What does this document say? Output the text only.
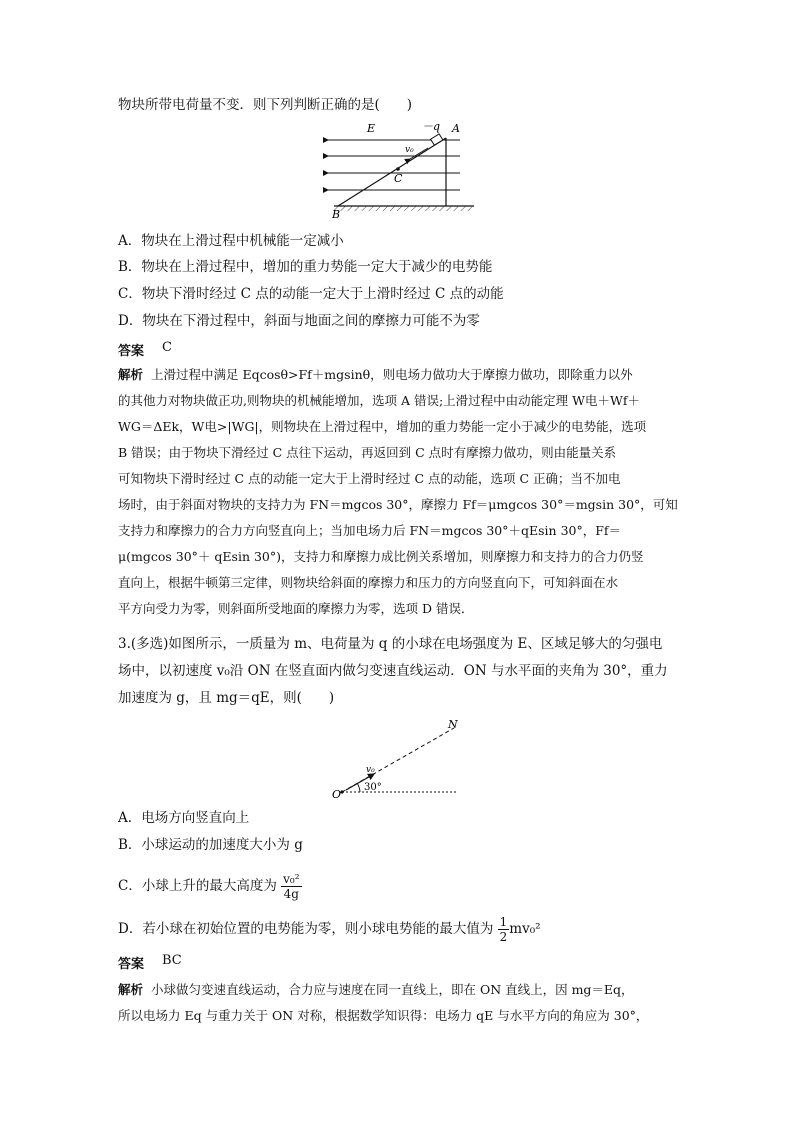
物块所带电荷量不变．则下列判断正确的是(　　)
E	－q A
v₀
C
B
A．物块在上滑过程中机械能一定减小
B．物块在上滑过程中，增加的重力势能一定大于减少的电势能
C．物块下滑时经过 C 点的动能一定大于上滑时经过 C 点的动能
D．物块在下滑过程中，斜面与地面之间的摩擦力可能不为零
答案 C
解析 上滑过程中满足 Eqcosθ>Ff＋mgsinθ，则电场力做功大于摩擦力做功，即除重力以外
的其他力对物块做正功,则物块的机械能增加，选项 A 错误;上滑过程中由动能定理 W电＋Wf＋
WG＝ΔEk，W电>|WG|，则物块在上滑过程中，增加的重力势能一定小于减少的电势能，选项
B 错误；由于物块下滑经过 C 点往下运动，再返回到 C 点时有摩擦力做功，则由能量关系
可知物块下滑时经过 C 点的动能一定大于上滑时经过 C 点的动能，选项 C 正确；当不加电
场时，由于斜面对物块的支持力为 FN＝mgcos 30°，摩擦力 Ff＝μmgcos 30°＝mgsin 30°，可知
支持力和摩擦力的合力方向竖直向上；当加电场力后 FN＝mgcos 30°＋qEsin 30°，Ff＝
μ(mgcos 30°＋ qEsin 30°)，支持力和摩擦力成比例关系增加，则摩擦力和支持力的合力仍竖
直向上，根据牛顿第三定律，则物块给斜面的摩擦力和压力的方向竖直向下，可知斜面在水
平方向受力为零，则斜面所受地面的摩擦力为零，选项 D 错误．
3.(多选)如图所示，一质量为 m、电荷量为 q 的小球在电场强度为 E、区域足够大的匀强电
场中，以初速度 v₀沿 ON 在竖直面内做匀变速直线运动．ON 与水平面的夹角为 30°，重力
加速度为 g，且 mg＝qE，则(　　)
N
O
v₀
30°
A．电场方向竖直向上
B．小球运动的加速度大小为 g
C．小球上升的最大高度为 $\frac{\text{v₀²}}{4g}$
D．若小球在初始位置的电势能为零，则小球电势能的最大值为 $\frac{1}{2} mv_0^2$
答案 BC
解析 小球做匀变速直线运动，合力应与速度在同一直线上，即在 ON 直线上，因 mg＝Eq，
所以电场力 Eq 与重力关于 ON 对称，根据数学知识得：电场力 qE 与水平方向的角应为 30°，
